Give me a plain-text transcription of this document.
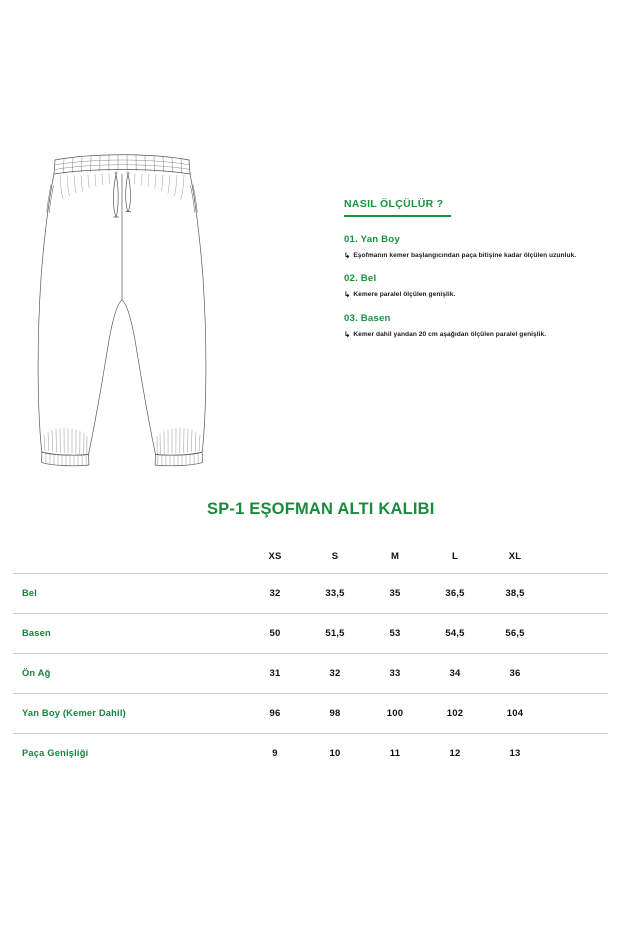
NASIL ÖLÇÜLÜR ?
01. Yan Boy
↳ Eşofmanın kemer başlangıcından paça bitişine kadar ölçülen uzunluk.
02. Bel
↳ Kemere paralel ölçülen genişlik.
03. Basen
↳ Kemer dahil yandan 20 cm aşağıdan ölçülen paralel genişlik.
SP-1 EŞOFMAN ALTI KALIBI
	XS	S	M	L	XL	
Bel	32	33,5	35	36,5	38,5	
Basen	50	51,5	53	54,5	56,5	
Ön Ağ	31	32	33	34	36	
Yan Boy (Kemer Dahil)	96	98	100	102	104	
Paça Genişliği	9	10	11	12	13	
